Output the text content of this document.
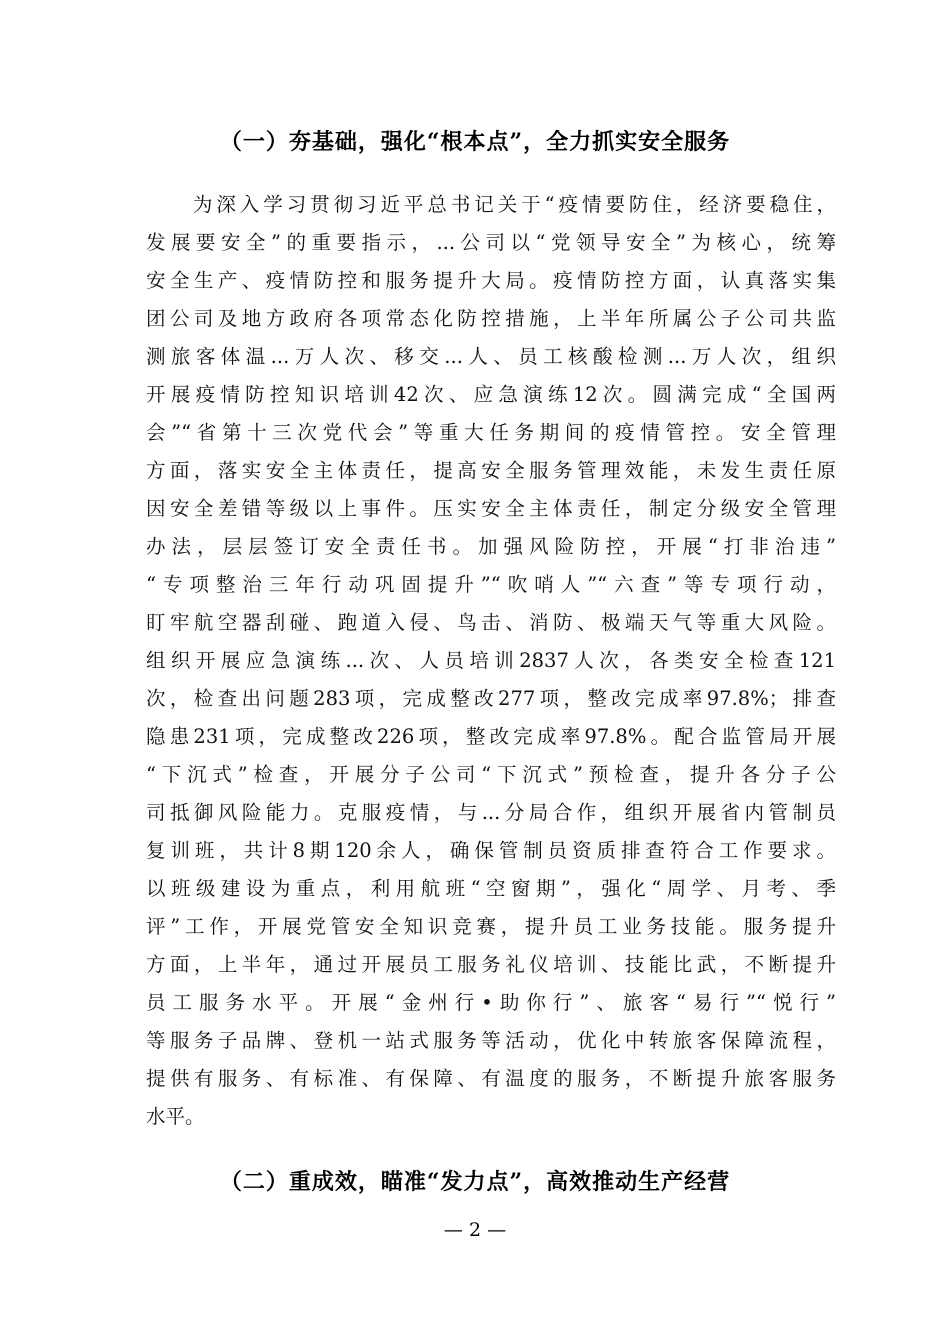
（一）夯基础，强化“根本点”，全力抓实安全服务
　　为深入学习贯彻习近平总书记关于“疫情要防住，经济要稳住，
发展要安全”的重要指示，...公司以“党领导安全”为核心，统筹
安全生产、疫情防控和服务提升大局。疫情防控方面，认真落实集
团公司及地方政府各项常态化防控措施，上半年所属公子公司共监
测旅客体温...万人次、移交...人、员工核酸检测...万人次，组织
开展疫情防控知识培训42次、应急演练12次。圆满完成“全国两
会”“省第十三次党代会”等重大任务期间的疫情管控。安全管理
方面，落实安全主体责任，提高安全服务管理效能，未发生责任原
因安全差错等级以上事件。压实安全主体责任，制定分级安全管理
办法，层层签订安全责任书。加强风险防控，开展“打非治违”
“专项整治三年行动巩固提升”“吹哨人”“六查”等专项行动，
盯牢航空器刮碰、跑道入侵、鸟击、消防、极端天气等重大风险。
组织开展应急演练...次、人员培训2837人次，各类安全检查121
次，检查出问题283项，完成整改277项，整改完成率97.8%；排查
隐患231项，完成整改226项，整改完成率97.8%。配合监管局开展
“下沉式”检查，开展分子公司“下沉式”预检查，提升各分子公
司抵御风险能力。克服疫情，与...分局合作，组织开展省内管制员
复训班，共计8期120余人，确保管制员资质排查符合工作要求。
以班级建设为重点，利用航班“空窗期”，强化“周学、月考、季
评”工作，开展党管安全知识竞赛，提升员工业务技能。服务提升
方面，上半年，通过开展员工服务礼仪培训、技能比武，不断提升
员工服务水平。开展“金州行•助你行”、旅客“易行”“悦行”
等服务子品牌、登机一站式服务等活动，优化中转旅客保障流程，
提供有服务、有标准、有保障、有温度的服务，不断提升旅客服务
水平。
（二）重成效，瞄准“发力点”，高效推动生产经营
— 2 —
